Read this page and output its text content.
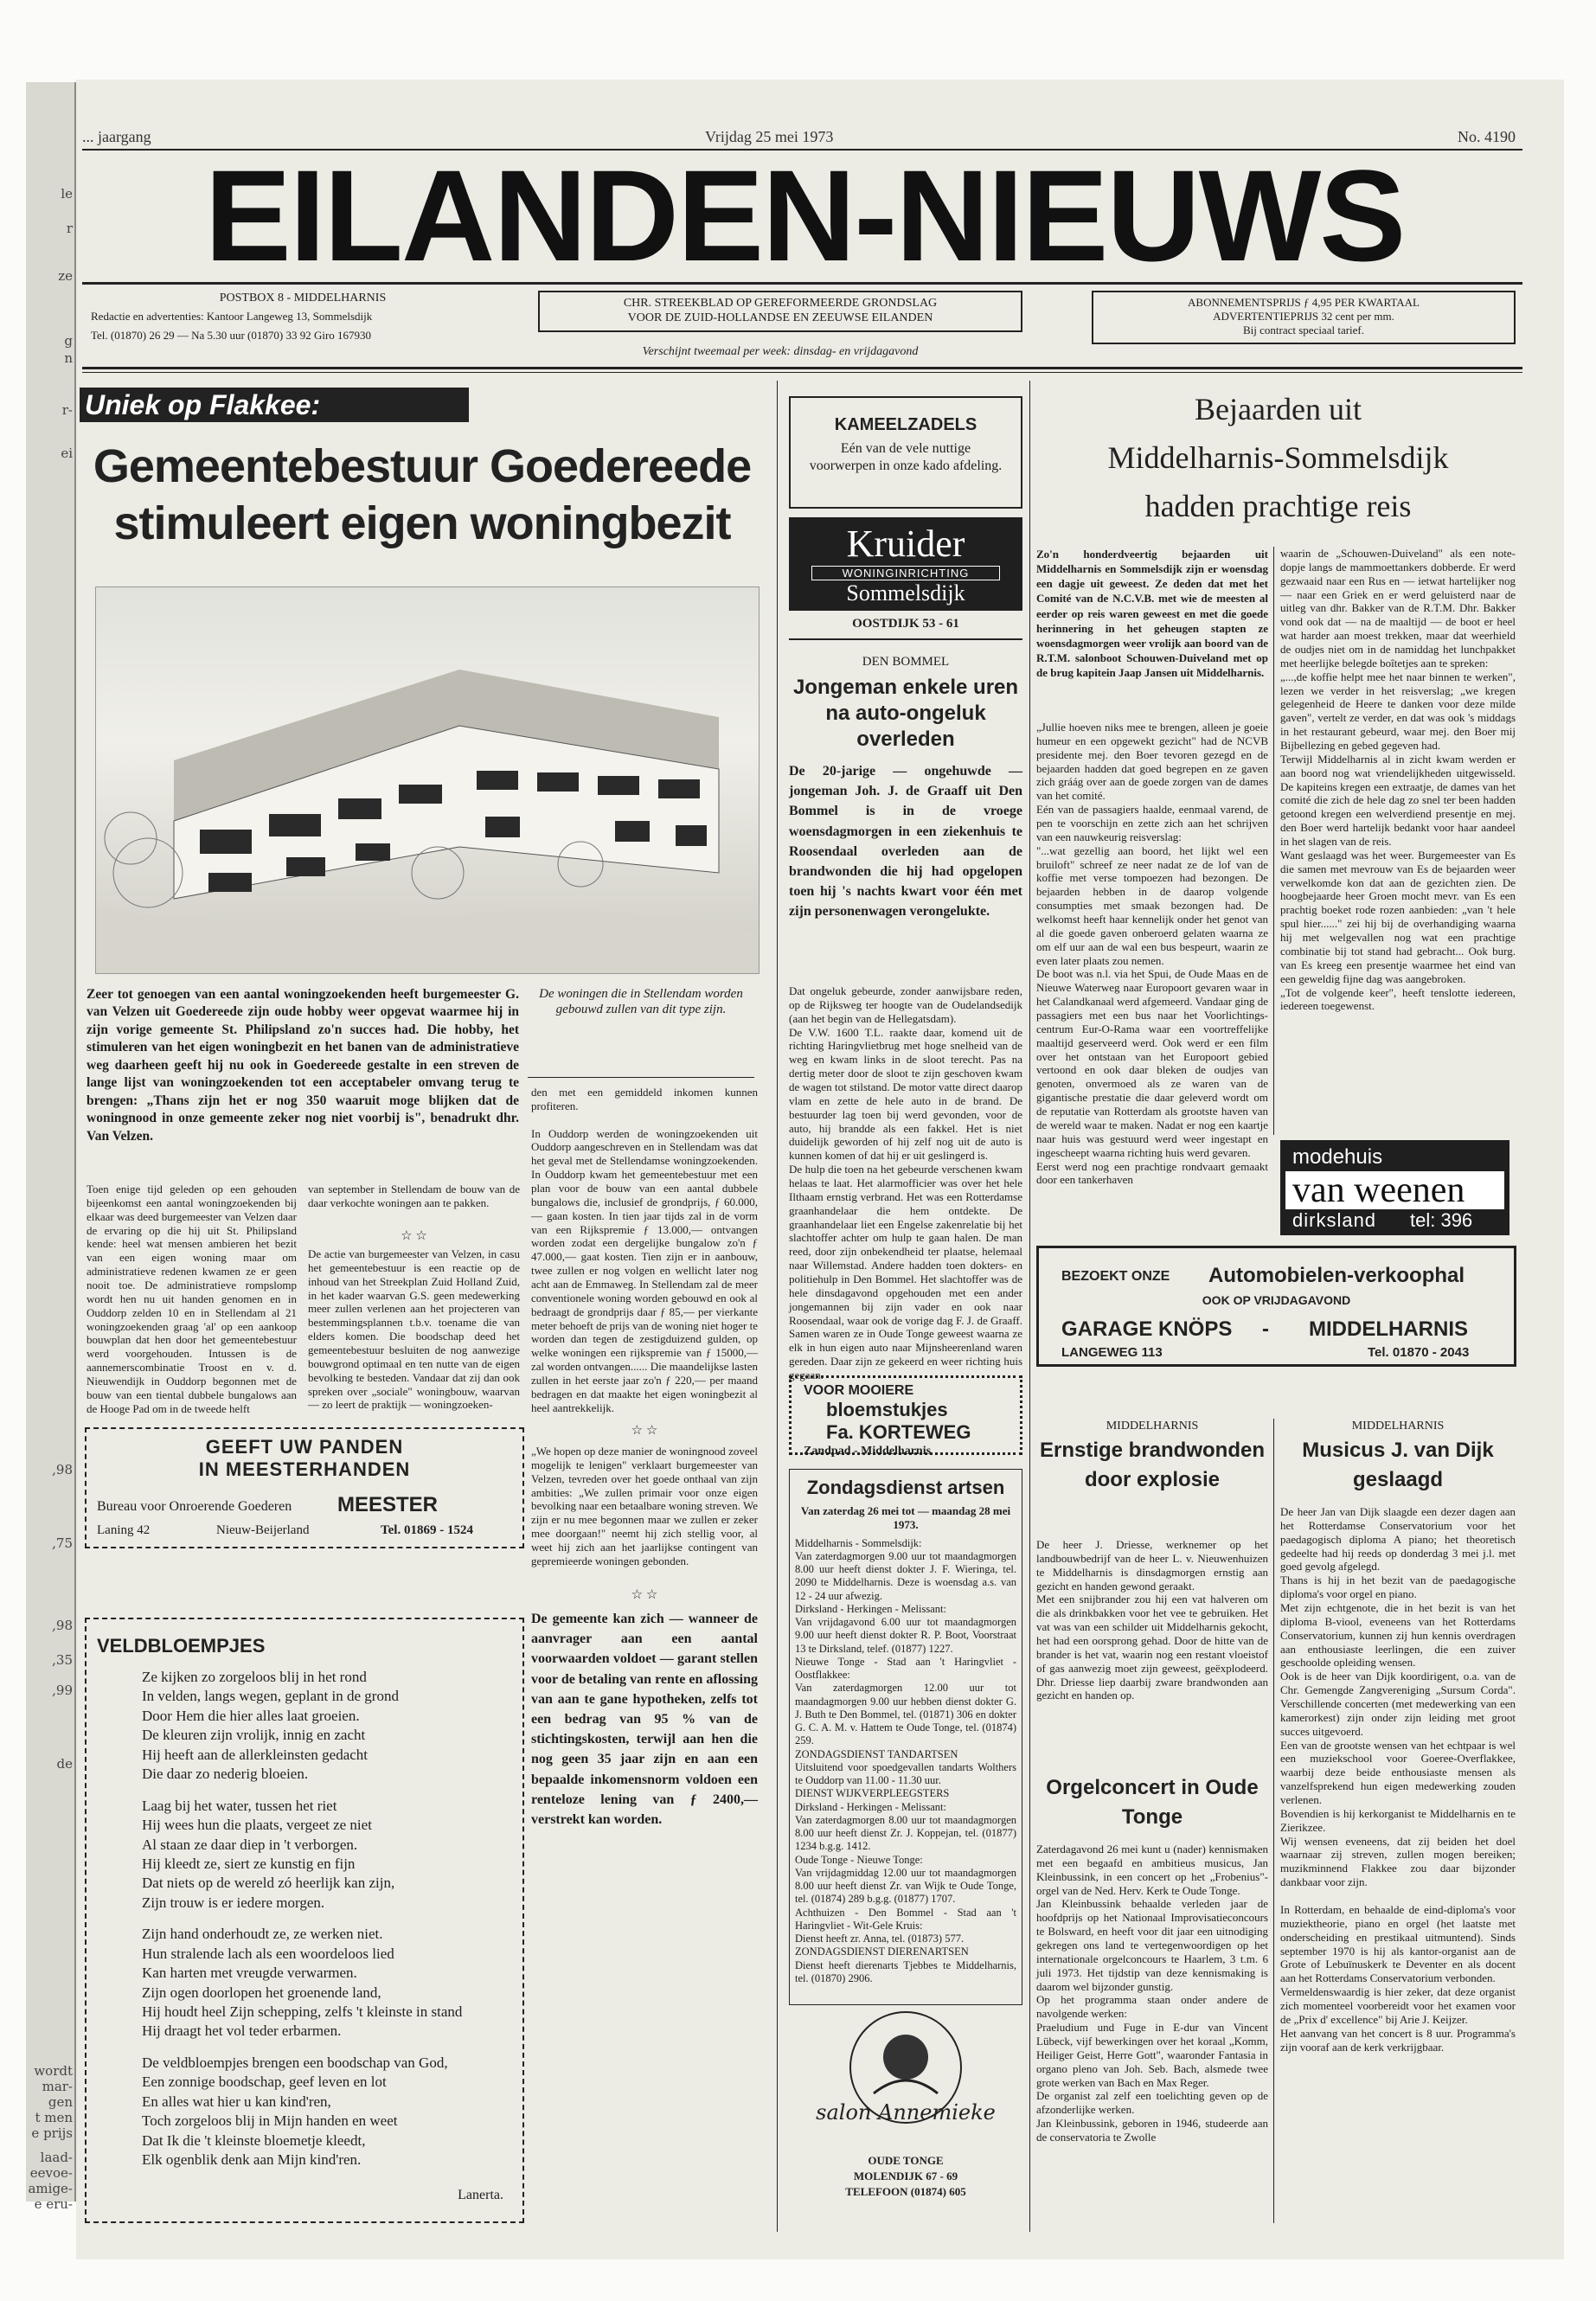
le
r
ze
g
n
r-
ei
,98
,75
,98
,35
,99
de
wordt
mar-
gen
t men
e prijs
laad-
eevoe-
amige-
e eru-
... jaargang	Vrijdag 25 mei 1973	No. 4190
EILANDEN-NIEUWS
POSTBOX 8 - MIDDELHARNIS
Redactie en advertenties: Kantoor Langeweg 13, Sommelsdijk
Tel. (01870) 26 29 — Na 5.30 uur (01870) 33 92 Giro 167930
CHR. STREEKBLAD OP GEREFORMEERDE GRONDSLAG
VOOR DE ZUID-HOLLANDSE EN ZEEUWSE EILANDEN
Verschijnt tweemaal per week: dinsdag- en vrijdagavond
ABONNEMENTSPRIJS ƒ 4,95 PER KWARTAAL
ADVERTENTIEPRIJS 32 cent per mm.
Bij contract speciaal tarief.
Uniek op Flakkee:
Gemeentebestuur Goedereede
stimuleert eigen woningbezit
Zeer tot genoegen van een aantal woningzoekenden heeft burgemeester G. van Velzen uit Goedereede zijn oude hobby weer opgevat waarmee hij in zijn vorige gemeente St. Philipsland zo'n succes had. Die hobby, het stimuleren van het eigen woningbezit en het banen van de administratieve weg daarheen geeft hij nu ook in Goedereede gestalte in een streven de lange lijst van woningzoekenden tot een acceptabeler omvang terug te brengen: „Thans zijn het er nog 350 waaruit moge blijken dat de woningnood in onze gemeente zeker nog niet voorbij is", benadrukt dhr. Van Velzen.
De woningen die in Stellendam worden gebouwd zullen van dit type zijn.
Toen enige tijd geleden op een gehouden bijeenkomst een aantal woningzoekenden bij elkaar was deed burgemeester van Velzen daar de ervaring op die hij uit St. Philipsland kende: heel wat mensen ambieren het bezit van een eigen woning maar om administratieve redenen kwamen ze er geen nooit toe. De administratieve rompslomp wordt hen nu uit handen genomen en in Ouddorp zelden 10 en in Stellendam al 21 woningzoekenden graag 'al' op een aankoop bouwplan dat hen door het gemeentebestuur werd voorgehouden. Intussen is de aannemerscombinatie Troost en v. d. Nieuwendijk in Ouddorp begonnen met de bouw van een tiental dubbele bungalows aan de Hooge Pad om in de tweede helft
van september in Stellendam de bouw van de daar verkochte woningen aan te pakken.
☆ ☆
De actie van burgemeester van Velzen, in casu het gemeentebestuur is een reactie op de inhoud van het Streekplan Zuid Holland Zuid, in het kader waarvan G.S. geen medewerking meer zullen verlenen aan het projecteren van bestemmingsplannen t.b.v. toename die van elders komen. Die boodschap deed het gemeentebestuur besluiten de nog aanwezige bouwgrond optimaal en ten nutte van de eigen bevolking te besteden. Vandaar dat zij dan ook spreken over „sociale" woningbouw, waarvan — zo leert de praktijk — woningzoeken-
den met een gemiddeld inkomen kunnen profiteren.

In Ouddorp werden de woningzoekenden uit Ouddorp aangeschreven en in Stellendam was dat het geval met de Stellendamse woningzoekenden. In Ouddorp kwam het gemeentebestuur met een plan voor de bouw van een aantal dubbele bungalows die, inclusief de grondprijs, ƒ 60.000,— gaan kosten. In tien jaar tijds zal in de vorm van een Rijkspremie ƒ 13.000,— ontvangen worden zodat een dergelijke bungalow zo'n ƒ 47.000,— gaat kosten. Tien zijn er in aanbouw, twee zullen er nog volgen en wellicht later nog acht aan de Emmaweg. In Stellendam zal de meer conventionele woning worden gebouwd en ook al bedraagt de grondprijs daar ƒ 85,— per vierkante meter behoeft de prijs van de woning niet hoger te worden dan tegen de zestigduizend gulden, op welke woningen een rijkspremie van ƒ 15000,— zal worden ontvangen...... Die maandelijkse lasten zullen in het eerste jaar zo'n ƒ 220,— per maand bedragen en dat maakte het eigen woningbezit al heel aantrekkelijk.
☆ ☆
„We hopen op deze manier de woningnood zoveel mogelijk te lenigen" verklaart burgemeester van Velzen, tevreden over het goede onthaal van zijn ambities: „We zullen primair voor onze eigen bevolking naar een betaalbare woning streven. We zijn er nu mee begonnen maar we zullen er zeker mee doorgaan!" neemt hij zich stellig voor, al weet hij zich aan het jaarlijkse contingent van gepremieerde woningen gebonden.
☆ ☆
De gemeente kan zich — wanneer de aanvrager aan een aantal voorwaarden voldoet — garant stellen voor de betaling van rente en aflossing van aan te gane hypotheken, zelfs tot een bedrag van 95 % van de stichtingskosten, terwijl aan hen die nog geen 35 jaar zijn en aan een bepaalde inkomensnorm voldoen een renteloze lening van ƒ 2400,— verstrekt kan worden.
GEEFT UW PANDEN
IN MEESTERHANDEN
Bureau voor Onroerende Goederen MEESTER
Laning 42	Nieuw-Beijerland	Tel. 01869 - 1524
VELDBLOEMPJES
Ze kijken zo zorgeloos blij in het rond
In velden, langs wegen, geplant in de grond
Door Hem die hier alles laat groeien.
De kleuren zijn vrolijk, innig en zacht
Hij heeft aan de allerkleinsten gedacht
Die daar zo nederig bloeien.
Laag bij het water, tussen het riet
Hij wees hun die plaats, vergeet ze niet
Al staan ze daar diep in 't verborgen.
Hij kleedt ze, siert ze kunstig en fijn
Dat niets op de wereld zó heerlijk kan zijn,
Zijn trouw is er iedere morgen.
Zijn hand onderhoudt ze, ze werken niet.
Hun stralende lach als een woordeloos lied
Kan harten met vreugde verwarmen.
Zijn ogen doorlopen het groenende land,
Hij houdt heel Zijn schepping, zelfs 't kleinste in stand
Hij draagt het vol teder erbarmen.
De veldbloempjes brengen een boodschap van God,
Een zonnige boodschap, geef leven en lot
En alles wat hier u kan kind'ren,
Toch zorgeloos blij in Mijn handen en weet
Dat Ik die 't kleinste bloemetje kleedt,
Elk ogenblik denk aan Mijn kind'ren.
Lanerta.
KAMEELZADELS
Eén van de vele nuttige voorwerpen in onze kado afdeling.
Kruider
WONINGINRICHTING
Sommelsdijk
OOSTDIJK 53 - 61
DEN BOMMEL
Jongeman enkele uren na auto-ongeluk overleden
De 20-jarige — ongehuwde — jongeman Joh. J. de Graaff uit Den Bommel is in de vroege woensdagmorgen in een ziekenhuis te Roosendaal overleden aan de brandwonden die hij had opgelopen toen hij 's nachts kwart voor één met zijn personenwagen verongelukte.
Dat ongeluk gebeurde, zonder aanwijsbare reden, op de Rijksweg ter hoogte van de Oudelandsedijk (aan het begin van de Hellegatsdam).
De V.W. 1600 T.L. raakte daar, komend uit de richting Haringvlietbrug met hoge snelheid van de weg en kwam links in de sloot terecht. Pas na dertig meter door de sloot te zijn geschoven kwam de wagen tot stilstand. De motor vatte direct daarop vlam en zette de hele auto in de brand. De bestuurder lag toen bij werd gevonden, voor de auto, hij brandde als een fakkel. Het is niet duidelijk geworden of hij zelf nog uit de auto is kunnen komen of dat hij er uit geslingerd is.
De hulp die toen na het gebeurde verschenen kwam helaas te laat. Het alarmofficier was over het hele Ilthaam ernstig verbrand. Het was een Rotterdamse graanhandelaar die hem ontdekte. De graanhandelaar liet een Engelse zakenrelatie bij het slachtoffer achter om hulp te gaan halen. De man reed, door zijn onbekendheid ter plaatse, helemaal naar Willemstad. Andere hadden toen dokters- en politiehulp in Den Bommel. Het slachtoffer was de hele dinsdagavond opgehouden met een ander jongemannen bij zijn vader en ook naar Roosendaal, waar ook de vorige dag F. J. de Graaff. Samen waren ze in Oude Tonge geweest waarna ze elk in hun eigen auto naar Mijnsheerenland waren gereden. Daar zijn ze gekeerd en weer richting huis gegaan.
VOOR MOOIERE
bloemstukjes
Fa. KORTEWEG
Zandpad - Middelharnis
Zondagsdienst artsen
Van zaterdag 26 mei tot — maandag 28 mei 1973.
Middelharnis - Sommelsdijk:
Van zaterdagmorgen 9.00 uur tot maandagmorgen 8.00 uur heeft dienst dokter J. F. Wieringa, tel. 2090 te Middelharnis. Deze is woensdag a.s. van 12 - 24 uur afwezig.
Dirksland - Herkingen - Melissant:
Van vrijdagavond 6.00 uur tot maandagmorgen 9.00 uur heeft dienst dokter R. P. Boot, Voorstraat 13 te Dirksland, telef. (01877) 1227.
Nieuwe Tonge - Stad aan 't Haringvliet - Oostflakkee:
Van zaterdagmorgen 12.00 uur tot maandagmorgen 9.00 uur hebben dienst dokter G. J. Buth te Den Bommel, tel. (01871) 306 en dokter G. C. A. M. v. Hattem te Oude Tonge, tel. (01874) 259.
ZONDAGSDIENST TANDARTSEN
Uitsluitend voor spoedgevallen tandarts Wolthers te Ouddorp van 11.00 - 11.30 uur.
DIENST WIJKVERPLEEGSTERS
Dirksland - Herkingen - Melissant:
Van zaterdagmorgen 8.00 uur tot maandagmorgen 8.00 uur heeft dienst Zr. J. Koppejan, tel. (01877) 1234 b.g.g. 1412.
Oude Tonge - Nieuwe Tonge:
Van vrijdagmiddag 12.00 uur tot maandagmorgen 8.00 uur heeft dienst Zr. van Wijk te Oude Tonge, tel. (01874) 289 b.g.g. (01877) 1707.
Achthuizen - Den Bommel - Stad aan 't Haringvliet - Wit-Gele Kruis:
Dienst heeft zr. Anna, tel. (01873) 577.
ZONDAGSDIENST DIERENARTSEN
Dienst heeft dierenarts Tjebbes te Middelharnis, tel. (01870) 2906.
salon Annemieke
OUDE TONGE
MOLENDIJK 67 - 69
TELEFOON (01874) 605
Bejaarden uit
Middelharnis-Sommelsdijk
hadden prachtige reis
Zo'n honderdveertig bejaarden uit Middelharnis en Sommelsdijk zijn er woensdag een dagje uit geweest. Ze deden dat met het Comité van de N.C.V.B. met wie de meesten al eerder op reis waren geweest en met die goede herinnering in het geheugen stapten ze woensdagmorgen weer vrolijk aan boord van de R.T.M. salonboot Schouwen-Duiveland met op de brug kapitein Jaap Jansen uit Middelharnis.
„Jullie hoeven niks mee te brengen, alleen je goeie humeur en een opgewekt gezicht" had de NCVB presidente mej. den Boer tevoren gezegd en de bejaarden hadden dat goed begrepen en ze gaven zich gráág over aan de goede zorgen van de dames van het comité.
Eén van de passagiers haalde, eenmaal varend, de pen te voorschijn en zette zich aan het schrijven van een nauwkeurig reisverslag:
"...wat gezellig aan boord, het lijkt wel een bruiloft" schreef ze neer nadat ze de lof van de koffie met verse tompoezen had bezongen. De bejaarden hebben in de daarop volgende consumpties met smaak bezongen had. De welkomst heeft haar kennelijk onder het genot van al die goede gaven onberoerd gelaten waarna ze om elf uur aan de wal een bus bespeurt, waarin ze even later plaats zou nemen.
De boot was n.l. via het Spui, de Oude Maas en de Nieuwe Waterweg naar Europoort gevaren waar in het Calandkanaal werd afgemeerd. Vandaar ging de passagiers met een bus naar het Voorlichtings-centrum Eur-O-Rama waar een voortreffelijke maaltijd geserveerd werd. Ook werd er een film over het ontstaan van het Europoort gebied vertoond en ook daar bleken de oudjes van genoten, onvermoed als ze waren van de gigantische prestatie die daar geleverd wordt om de reputatie van Rotterdam als grootste haven van de wereld waar te maken. Nadat er nog een kaartje naar huis was gestuurd werd weer ingestapt en ingescheept waarna richting huis werd gevaren.
Eerst werd nog een prachtige rondvaart gemaakt door een tankerhaven
waarin de „Schouwen-Duiveland" als een note-dopje langs de mammoettankers dobberde. Er werd gezwaaid naar een Rus en — ietwat hartelijker nog — naar een Griek en er werd geluisterd naar de uitleg van dhr. Bakker van de R.T.M. Dhr. Bakker vond ook dat — na de maaltijd — de boot er heel wat harder aan moest trekken, maar dat weerhield de oudjes niet om in de namiddag het lunchpakket met heerlijke belegde boîtetjes aan te spreken:
„...,de koffie helpt mee het naar binnen te werken", lezen we verder in het reisverslag; „we kregen gelegenheid de Heere te danken voor deze milde gaven", vertelt ze verder, en dat was ook 's middags in het restaurant gebeurd, waar mej. den Boer mij Bijbellezing en gebed gegeven had.
Terwijl Middelharnis al in zicht kwam werden er aan boord nog wat vriendelijkheden uitgewisseld. De kapiteins kregen een extraatje, de dames van het comité die zich de hele dag zo snel ter been hadden getoond kregen een welverdiend presentje en mej. den Boer werd hartelijk bedankt voor haar aandeel in het slagen van de reis.
Want geslaagd was het weer. Burgemeester van Es die samen met mevrouw van Es de bejaarden weer verwelkomde kon dat aan de gezichten zien. De hoogbejaarde heer Groen mocht mevr. van Es een prachtig boeket rode rozen aanbieden: „van 't hele spul hier......" zei hij bij de overhandiging waarna hij met welgevallen nog wat een prachtige combinatie bij tot stand had gebracht... Ook burg. van Es kreeg een presentje waarmee het eind van een geweldig fijne dag was aangebroken.
„Tot de volgende keer", heeft tenslotte iedereen, iedereen toegewenst.
modehuis
van weenen
dirksland tel: 396
BEZOEKT ONZE Automobielen-verkoophal
OOK OP VRIJDAGAVOND
GARAGE KNÖPS - MIDDELHARNIS
LANGEWEG 113	Tel. 01870 - 2043
MIDDELHARNIS
Ernstige brandwonden door explosie
De heer J. Driesse, werknemer op het landbouwbedrijf van de heer L. v. Nieuwenhuizen te Middelharnis is dinsdagmorgen ernstig aan gezicht en handen gewond geraakt.
Met een snijbrander zou hij een vat halveren om die als drinkbakken voor het vee te gebruiken. Het vat was van een schilder uit Middelharnis gekocht, het had een oorsprong gehad. Door de hitte van de brander is het vat, waarin nog een restant vloeistof of gas aanwezig moet zijn geweest, geëxplodeerd. Dhr. Driesse liep daarbij zware brandwonden aan gezicht en handen op.
Orgelconcert in Oude Tonge
Zaterdagavond 26 mei kunt u (nader) kennismaken met een begaafd en ambitieus musicus, Jan Kleinbussink, in een concert op het „Frobenius"-orgel van de Ned. Herv. Kerk te Oude Tonge.
Jan Kleinbussink behaalde verleden jaar de hoofdprijs op het Nationaal Improvisatieconcours te Bolsward, en heeft voor dit jaar een uitnodiging gekregen ons land te vertegenwoordigen op het internationale orgelconcours te Haarlem, 3 t.m. 6 juli 1973. Het tijdstip van deze kennismaking is daarom wel bijzonder gunstig.
Op het programma staan onder andere de navolgende werken:
Praeludium und Fuge in E-dur van Vincent Lübeck, vijf bewerkingen over het koraal „Komm, Heiliger Geist, Herre Gott", waaronder Fantasia in organo pleno van Joh. Seb. Bach, alsmede twee grote werken van Bach en Max Reger.
De organist zal zelf een toelichting geven op de afzonderlijke werken.
Jan Kleinbussink, geboren in 1946, studeerde aan de conservatoria te Zwolle
MIDDELHARNIS
Musicus J. van Dijk geslaagd
De heer Jan van Dijk slaagde een dezer dagen aan het Rotterdamse Conservatorium voor het paedagogisch diploma A piano; het theoretisch gedeelte had hij reeds op donderdag 3 mei j.l. met goed gevolg afgelegd.
Thans is hij in het bezit van de paedagogische diploma's voor orgel en piano.
Met zijn echtgenote, die in het bezit is van het diploma B-viool, eveneens van het Rotterdams Conservatorium, kunnen zij hun kennis overdragen aan enthousiaste leerlingen, die een zuiver geschoolde opleiding wensen.
Ook is de heer van Dijk koordirigent, o.a. van de Chr. Gemengde Zangvereniging „Sursum Corda". Verschillende concerten (met medewerking van een kamerorkest) zijn onder zijn leiding met groot succes uitgevoerd.
Een van de grootste wensen van het echtpaar is wel een muziekschool voor Goeree-Overflakkee, waarbij deze beide enthousiaste mensen als vanzelfsprekend hun eigen medewerking zouden verlenen.
Bovendien is hij kerkorganist te Middelharnis en te Zierikzee.
Wij wensen eveneens, dat zij beiden het doel waarnaar zij streven, zullen mogen bereiken; muzikminnend Flakkee zou daar bijzonder dankbaar voor zijn.

In Rotterdam, en behaalde de eind-diploma's voor muziektheorie, piano en orgel (het laatste met onderscheiding en prestikaal uitmuntend). Sinds september 1970 is hij als kantor-organist aan de Grote of Lebuïnuskerk te Deventer en als docent aan het Rotterdams Conservatorium verbonden.
Vermeldenswaardig is hier zeker, dat deze organist zich momenteel voorbereidt voor het examen voor de „Prix d' excellence" bij Arie J. Keijzer.
Het aanvang van het concert is 8 uur. Programma's zijn vooraf aan de kerk verkrijgbaar.
